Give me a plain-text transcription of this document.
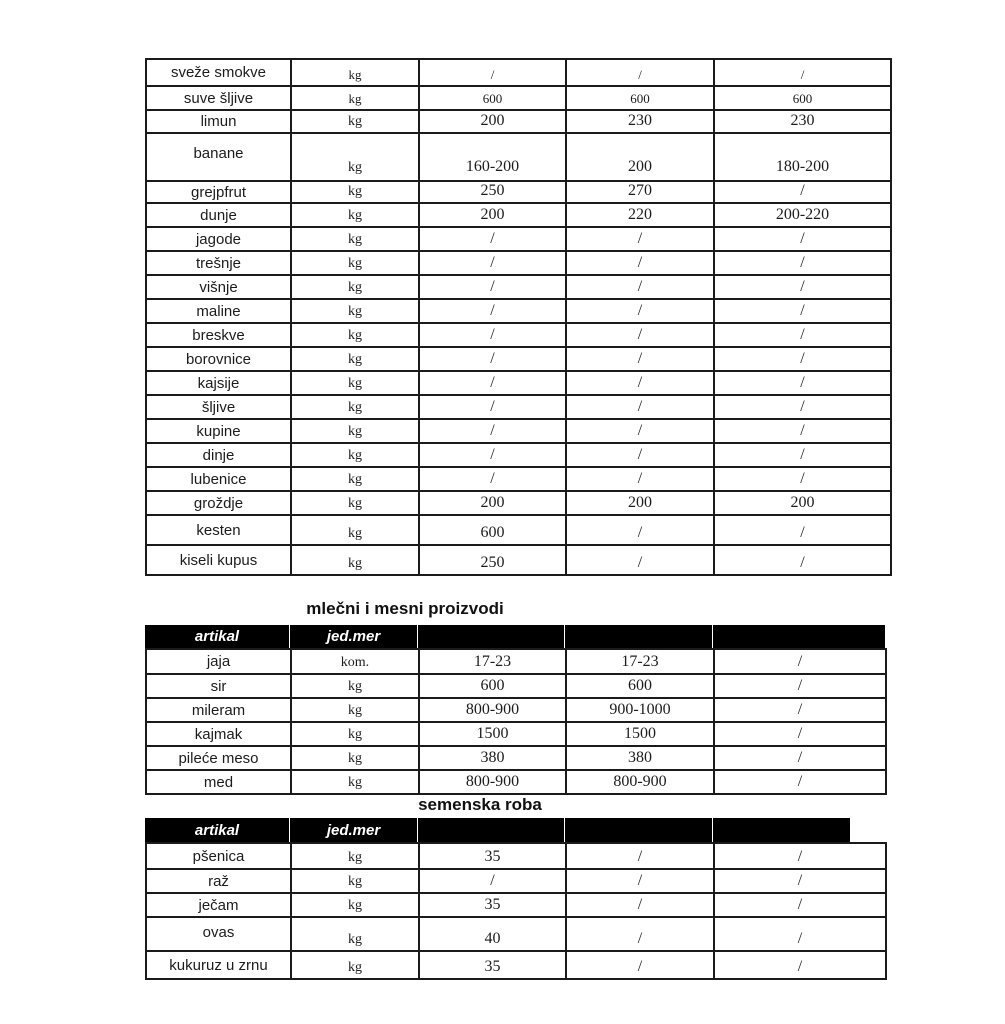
sveže smokve	kg	/	/	/
suve šljive	kg	600	600	600
limun	kg	200	230	230
banane	kg	160-200	200	180-200
grejpfrut	kg	250	270	/
dunje	kg	200	220	200-220
jagode	kg	/	/	/
trešnje	kg	/	/	/
višnje	kg	/	/	/
maline	kg	/	/	/
breskve	kg	/	/	/
borovnice	kg	/	/	/
kajsije	kg	/	/	/
šljive	kg	/	/	/
kupine	kg	/	/	/
dinje	kg	/	/	/
lubenice	kg	/	/	/
groždje	kg	200	200	200
kesten	kg	600	/	/
kiseli kupus	kg	250	/	/
mlečni i mesni proizvodi
artikal	jed.mer
jaja	kom.	17-23	17-23	/
sir	kg	600	600	/
mileram	kg	800-900	900-1000	/
kajmak	kg	1500	1500	/
pileće meso	kg	380	380	/
med	kg	800-900	800-900	/
semenska roba
artikal	jed.mer
pšenica	kg	35	/	/
raž	kg	/	/	/
ječam	kg	35	/	/
ovas	kg	40	/	/
kukuruz u zrnu	kg	35	/	/
